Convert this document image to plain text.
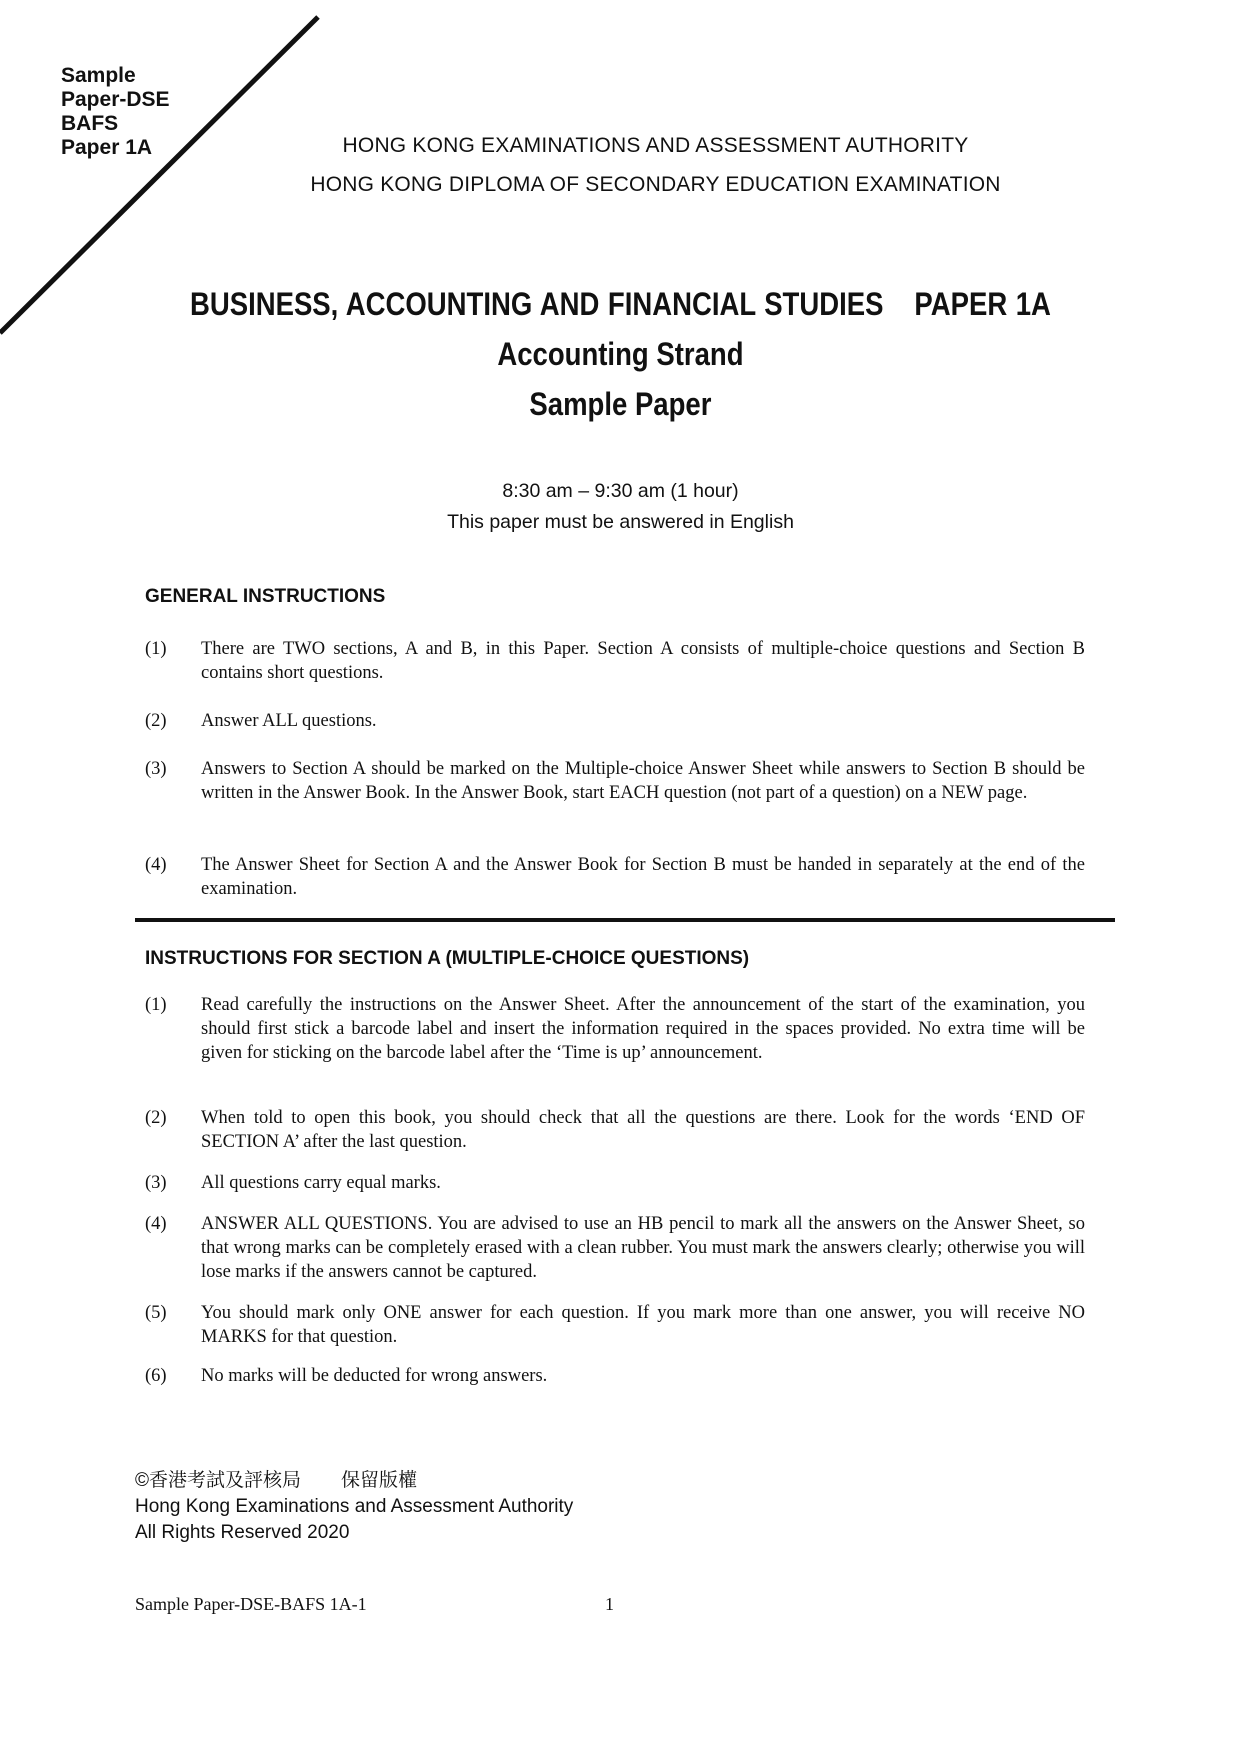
Sample
Paper-DSE
BAFS
Paper 1A	HONG KONG EXAMINATIONS AND ASSESSMENT AUTHORITY
HONG KONG DIPLOMA OF SECONDARY EDUCATION EXAMINATION
BUSINESS, ACCOUNTING AND FINANCIAL STUDIES PAPER 1A
Accounting Strand
Sample Paper
8:30 am – 9:30 am (1 hour)
This paper must be answered in English
GENERAL INSTRUCTIONS
(1)	There are TWO sections, A and B, in this Paper. Section A consists of multiple-choice questions and Section B contains short questions.
(2)	Answer ALL questions.
(3)	Answers to Section A should be marked on the Multiple-choice Answer Sheet while answers to Section B should be written in the Answer Book. In the Answer Book, start EACH question (not part of a question) on a NEW page.
(4)	The Answer Sheet for Section A and the Answer Book for Section B must be handed in separately at the end of the examination.
INSTRUCTIONS FOR SECTION A (MULTIPLE-CHOICE QUESTIONS)
(1)	Read carefully the instructions on the Answer Sheet. After the announcement of the start of the examination, you should first stick a barcode label and insert the information required in the spaces provided. No extra time will be given for sticking on the barcode label after the ‘Time is up’ announcement.
(2)	When told to open this book, you should check that all the questions are there. Look for the words ‘END OF SECTION A’ after the last question.
(3)	All questions carry equal marks.
(4)	ANSWER ALL QUESTIONS. You are advised to use an HB pencil to mark all the answers on the Answer Sheet, so that wrong marks can be completely erased with a clean rubber. You must mark the answers clearly; otherwise you will lose marks if the answers cannot be captured.
(5)	You should mark only ONE answer for each question. If you mark more than one answer, you will receive NO MARKS for that question.
(6)	No marks will be deducted for wrong answers.
©香港考試及評核局 保留版權
Hong Kong Examinations and Assessment Authority
All Rights Reserved 2020
Sample Paper-DSE-BAFS 1A-1	1
